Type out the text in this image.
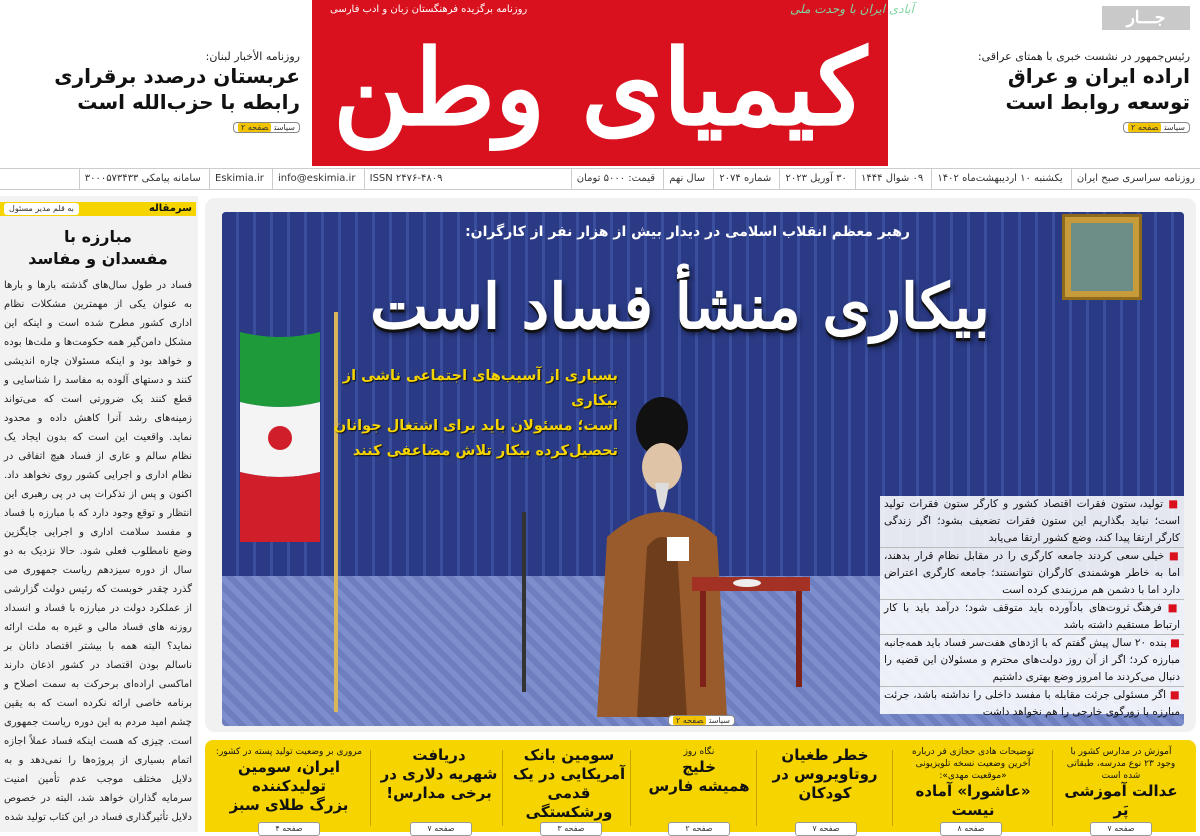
کیمیای وطن
روزنامه برگزیده فرهنگستان زبان و ادب فارسی	آبادی ایران با وحدت ملی	جـــار
روزنامه الأخبار لبنان:
عربستان درصدد برقراری
رابطه با حزب‌الله است
سیاستصفحه ۲
رئیس‌جمهور در نشست خبری با همتای عراقی:
اراده ایران و عراق
توسعه روابط است
سیاستصفحه ۲
روزنامه سراسری صبح ایران یکشنبه ۱۰ اردیبهشت‌ماه ۱۴۰۲ ۰۹ شوال ۱۴۴۴ ۳۰ آوریل ۲۰۲۳ شماره ۲۰۷۴ سال نهم قیمت: ۵۰۰۰ تومان ISSN ۲۴۷۶-۴۸۰۹ info@eskimia.ir Eskimia.ir سامانه پیامکی ۳۰۰۰۵۷۳۴۳۳
سرمقاله
به قلم مدیر مسئول
مبارزه با
مفسدان و مفاسد
فساد در طول سال‌های گذشته بارها و بارها به عنوان یکی از مهمترین مشکلات نظام اداری کشور مطرح شده است و اینکه این مشکل دامن‌گیر همه حکومت‌ها و ملت‌ها بوده و خواهد بود و اینکه مسئولان چاره اندیشی کنند و دستهای آلوده به مفاسد را شناسایی و قطع کنند یک ضرورتی است که می‌تواند زمینه‌های رشد آنرا کاهش داده و محدود نماید. واقعیت این است که بدون ایجاد یک نظام سالم و عاری از فساد هیچ اتفاقی در نظام اداری و اجرایی کشور روی نخواهد داد. اکنون و پس از تذکرات پی در پی رهبری این انتظار و توقع وجود دارد که با مبارزه با فساد و مفسد سلامت اداری و اجرایی جایگزین وضع نامطلوب فعلی شود. حالا نزدیک به دو سال از دوره سیزدهم ریاست جمهوری می گذرد چقدر خوبست که رئیس دولت گزارشی از عملکرد دولت در مبارزه با فساد و انسداد روزنه های فساد مالی و غیره به ملت ارائه نماید؟ البته همه با بیشتر اقتصاد دانان بر ناسالم بودن اقتصاد در کشور اذعان دارند اماکسی اراده‌ای برحرکت به سمت اصلاح و برنامه خاصی ارائه نکرده است که به یقین چشم امید مردم به این دوره ریاست جمهوری است. چیزی که هست اینکه فساد عملاً اجازه اتمام بسیاری از پروژه‌ها را نمی‌دهد و به دلایل مختلف موجب عدم تأمین امنیت سرمایه گذاران خواهد شد، البته در خصوص دلایل تأثیرگذاری فساد در این کتاب تولید شده
رهبر معظم انقلاب اسلامی در دیدار بیش از هزار نفر از کارگران:
بیکاری منشأ فساد است
بسیاری از آسیب‌های اجتماعی ناشی از بیکاری
است؛ مسئولان باید برای اشتغال جوانان
تحصیل‌کرده بیکار تلاش مضاعفی کنند
■ تولید، ستون فقرات اقتصاد کشور و کارگر ستون فقرات تولید است؛ نباید بگذاریم این ستون فقرات تضعیف بشود؛ اگر زندگی کارگر ارتقا پیدا کند، وضع کشور ارتقا می‌یابد
■ خیلی سعی کردند جامعه کارگری را در مقابل نظام قرار بدهند، اما به خاطر هوشمندی کارگران نتوانستند؛ جامعه کارگری اعتراض دارد اما با دشمن هم مرزبندی کرده است
■ فرهنگ ثروت‌های بادآورده باید متوقف شود؛ درآمد باید با کار ارتباط مستقیم داشته باشد
■ بنده ۲۰ سال پیش گفتم که با اژدهای هفت‌سر فساد باید همه‌جانبه مبارزه کرد؛ اگر از آن روز دولت‌های محترم و مسئولان این قضیه را دنبال می‌کردند ما امروز وضع بهتری داشتیم
■ اگر مسئولی جرئت مقابله با مفسد داخلی را نداشته باشد، جرئت مبارزه با زورگوی خارجی را هم نخواهد داشت
سیاستصفحه ۲
آموزش در مدارس کشور با وجود ۲۳ نوع مدرسه، طبقاتی شده است
عدالت آموزشی پَر
توضیحات هادی حجازی فر درباره آخرین وضعیت نسخه تلویزیونی «موقعیت مهدی»:
«عاشورا» آماده نیست
خطر طغیان
روتاویروس در کودکان
نگاه روز
خلیج
همیشه فارس
سومین بانک
آمریکایی در یک قدمی ورشکستگی
دریافت
شهریه دلاری در برخی مدارس!
مروری بر وضعیت تولید پسته در کشور:
ایران، سومین تولیدکننده
بزرگ طلای سبز
صفحه ۷
صفحه ۸
صفحه ۷
صفحه ۲
صفحه ۳
صفحه ۷
صفحه ۴
